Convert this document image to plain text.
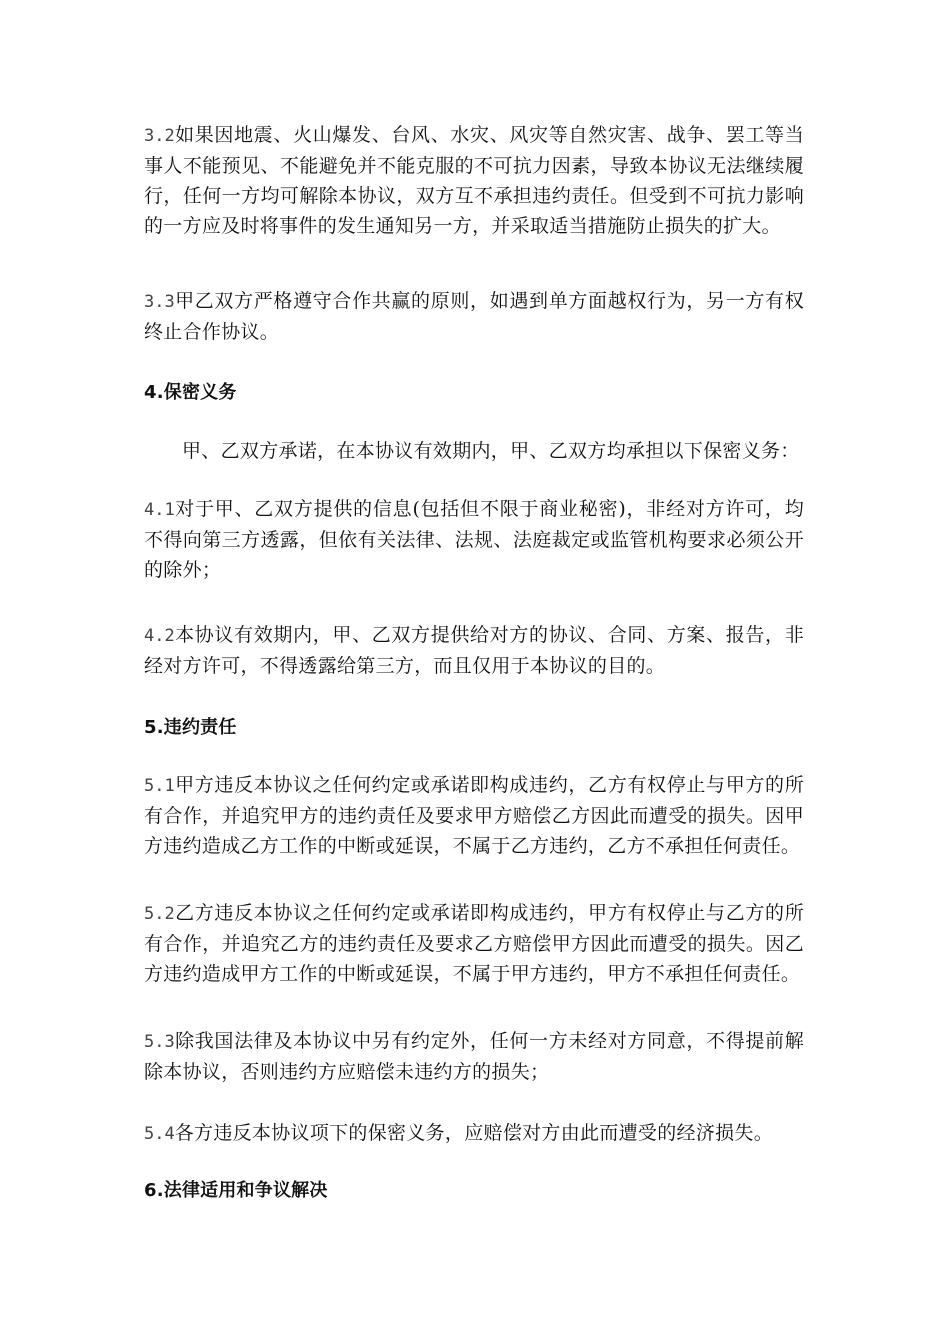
3.2如果因地震、火山爆发、台风、水灾、风灾等自然灾害、战争、罢工等当事人不能预见、不能避免并不能克服的不可抗力因素，导致本协议无法继续履行，任何一方均可解除本协议，双方互不承担违约责任。但受到不可抗力影响的一方应及时将事件的发生通知另一方，并采取适当措施防止损失的扩大。

3.3甲乙双方严格遵守合作共赢的原则，如遇到单方面越权行为，另一方有权终止合作协议。

4.保密义务

甲、乙双方承诺，在本协议有效期内，甲、乙双方均承担以下保密义务：

4.1对于甲、乙双方提供的信息(包括但不限于商业秘密)，非经对方许可，均不得向第三方透露，但依有关法律、法规、法庭裁定或监管机构要求必须公开的除外；

4.2本协议有效期内，甲、乙双方提供给对方的协议、合同、方案、报告，非经对方许可，不得透露给第三方，而且仅用于本协议的目的。

5.违约责任

5.1甲方违反本协议之任何约定或承诺即构成违约，乙方有权停止与甲方的所有合作，并追究甲方的违约责任及要求甲方赔偿乙方因此而遭受的损失。因甲方违约造成乙方工作的中断或延误，不属于乙方违约，乙方不承担任何责任。

5.2乙方违反本协议之任何约定或承诺即构成违约，甲方有权停止与乙方的所有合作，并追究乙方的违约责任及要求乙方赔偿甲方因此而遭受的损失。因乙方违约造成甲方工作的中断或延误，不属于甲方违约，甲方不承担任何责任。

5.3除我国法律及本协议中另有约定外，任何一方未经对方同意，不得提前解除本协议，否则违约方应赔偿未违约方的损失；

5.4各方违反本协议项下的保密义务，应赔偿对方由此而遭受的经济损失。

6.法律适用和争议解决
